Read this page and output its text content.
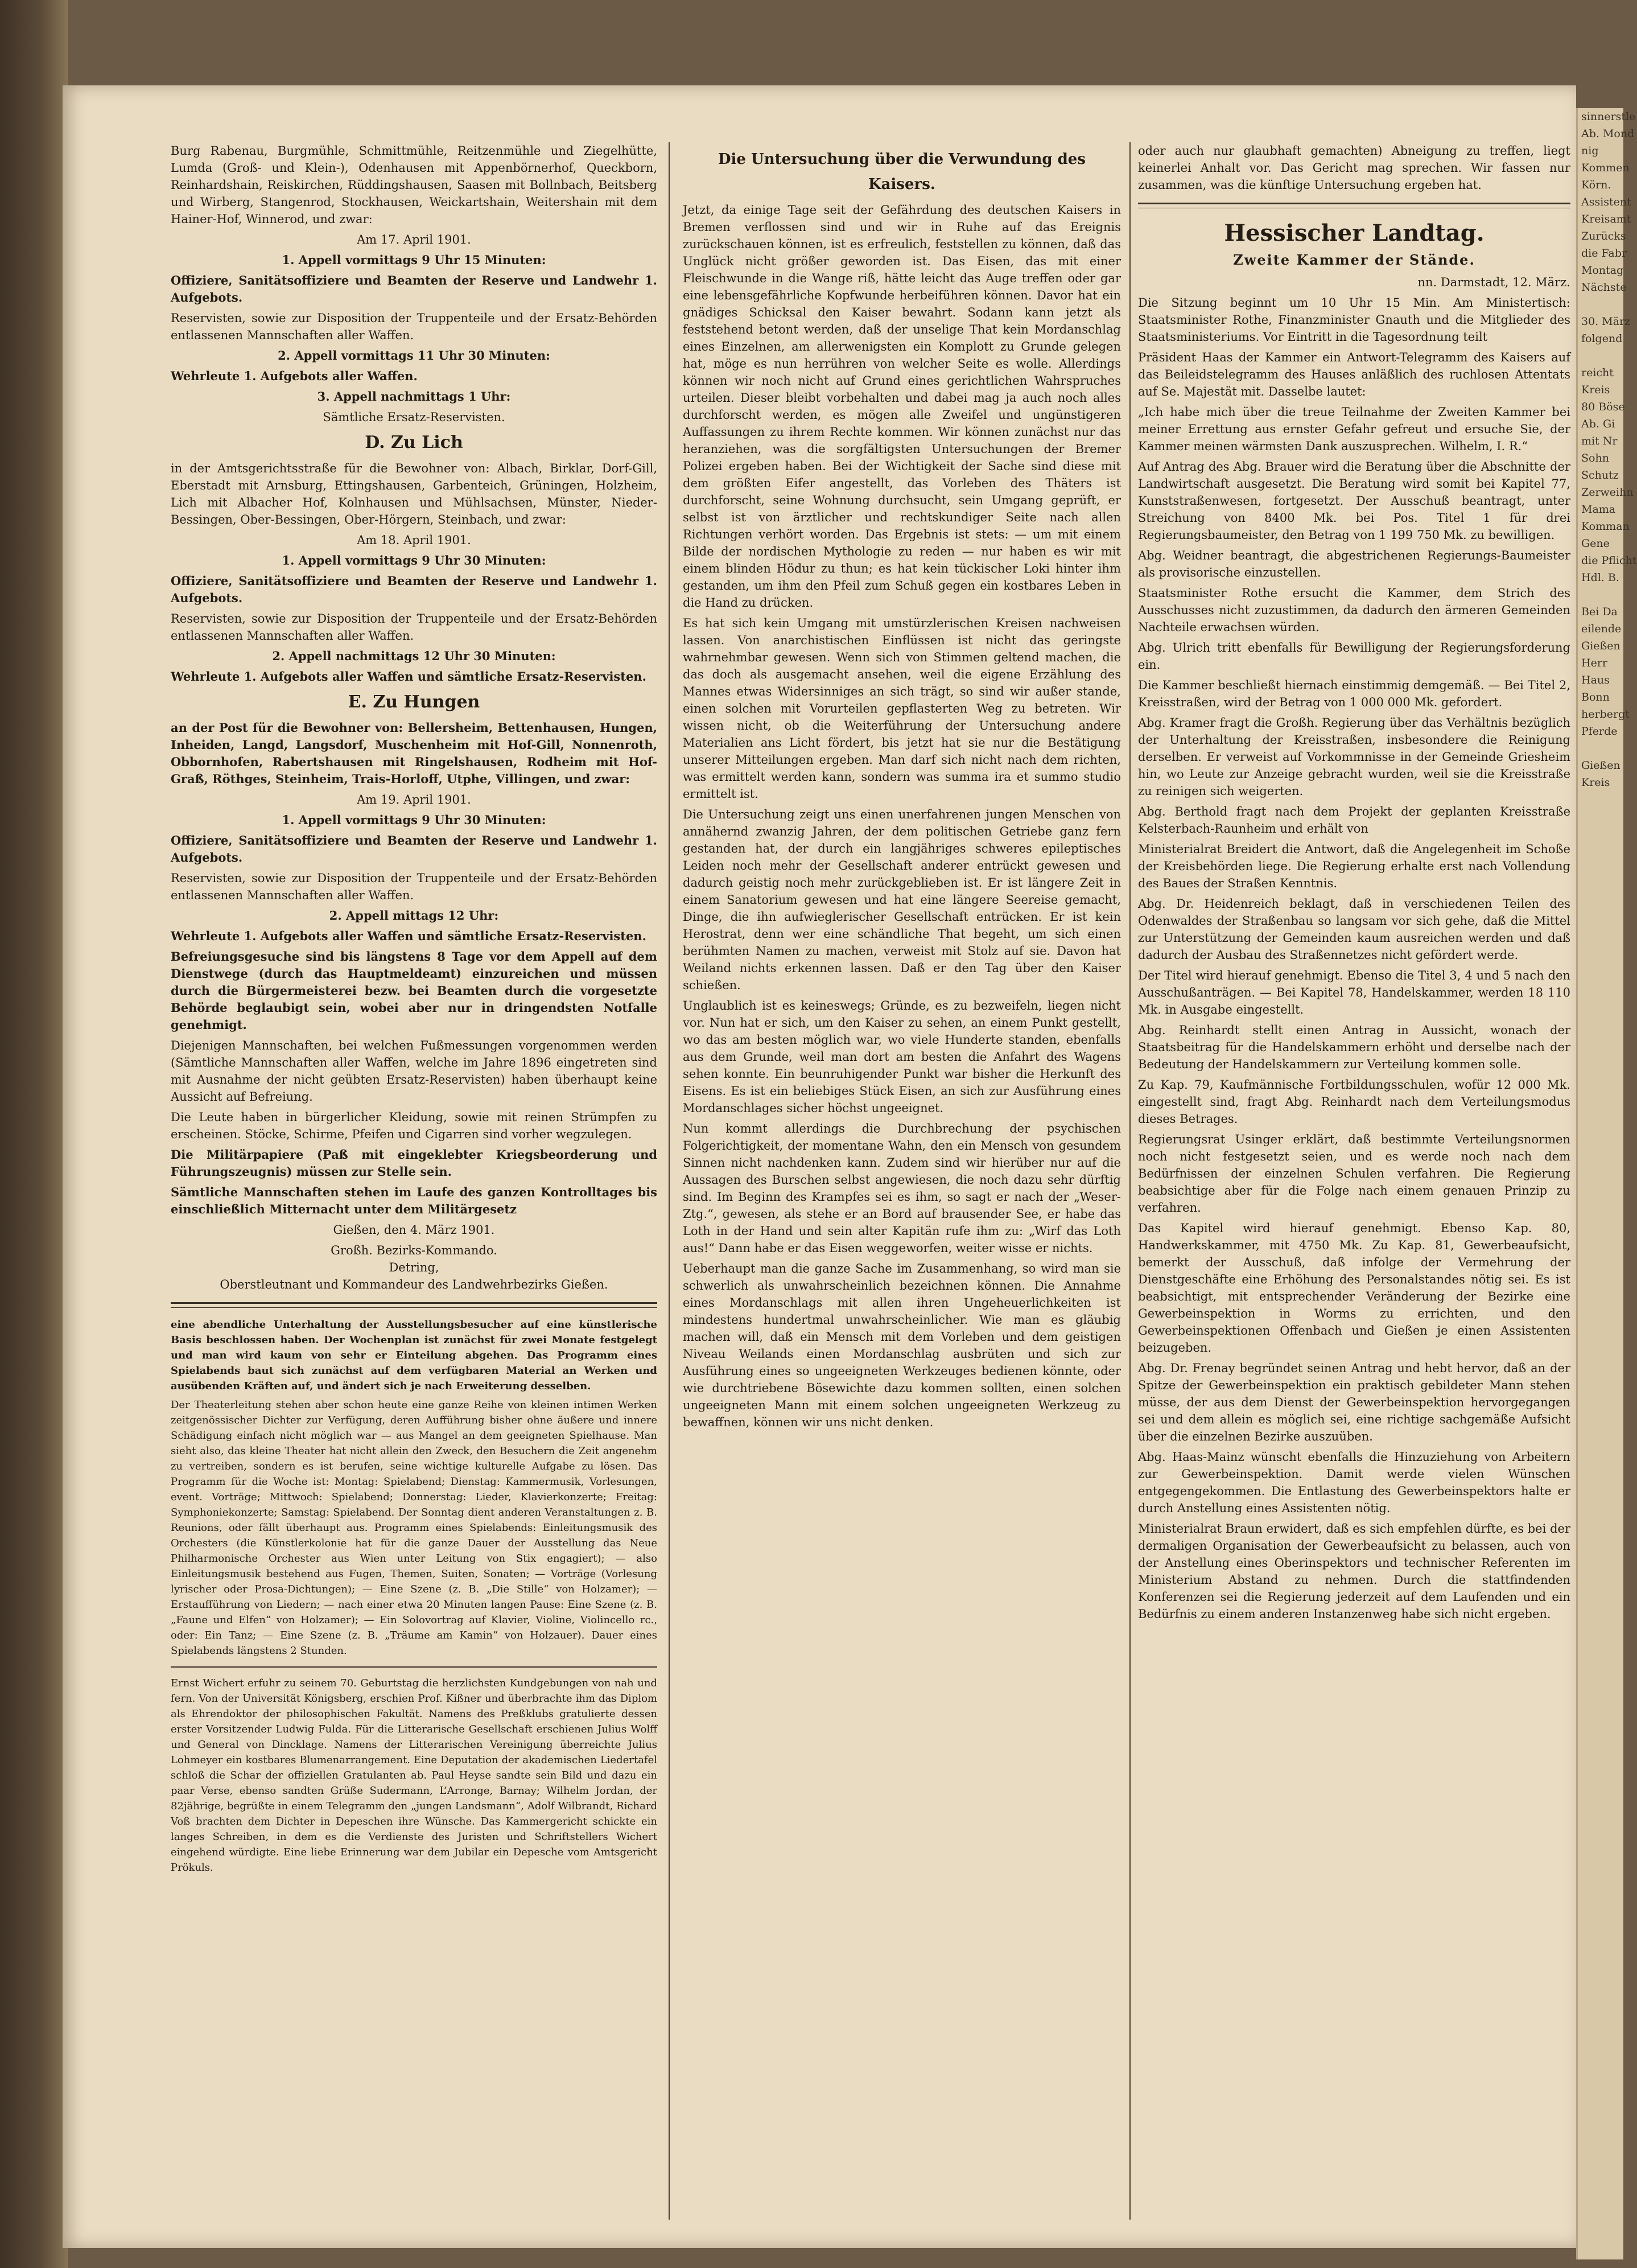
Burg Rabenau, Burgmühle, Schmittmühle, Reitzenmühle und Ziegelhütte, Lumda (Groß- und Klein-), Odenhausen mit Appenbörnerhof, Queckborn, Reinhardshain, Reiskirchen, Rüddingshausen, Saasen mit Bollnbach, Beitsberg und Wirberg, Stangenrod, Stockhausen, Weickartshain, Weitershain mit dem Hainer-Hof, Winnerod, und zwar:

Am 17. April 1901.

1. Appell vormittags 9 Uhr 15 Minuten:

Offiziere, Sanitätsoffiziere und Beamten der Reserve und Landwehr 1. Aufgebots.

Reservisten, sowie zur Disposition der Truppenteile und der Ersatz-Behörden entlassenen Mannschaften aller Waffen.

2. Appell vormittags 11 Uhr 30 Minuten:

Wehrleute 1. Aufgebots aller Waffen.

3. Appell nachmittags 1 Uhr:

Sämtliche Ersatz-Reservisten.

D. Zu Lich

in der Amtsgerichtsstraße für die Bewohner von: Albach, Birklar, Dorf-Gill, Eberstadt mit Arnsburg, Ettingshausen, Garbenteich, Grüningen, Holzheim, Lich mit Albacher Hof, Kolnhausen und Mühlsachsen, Münster, Nieder-Bessingen, Ober-Bessingen, Ober-Hörgern, Steinbach, und zwar:

Am 18. April 1901.

1. Appell vormittags 9 Uhr 30 Minuten:

Offiziere, Sanitätsoffiziere und Beamten der Reserve und Landwehr 1. Aufgebots.

Reservisten, sowie zur Disposition der Truppenteile und der Ersatz-Behörden entlassenen Mannschaften aller Waffen.

2. Appell nachmittags 12 Uhr 30 Minuten:

Wehrleute 1. Aufgebots aller Waffen und sämtliche Ersatz-Reservisten.

E. Zu Hungen

an der Post für die Bewohner von: Bellersheim, Bettenhausen, Hungen, Inheiden, Langd, Langsdorf, Muschenheim mit Hof-Gill, Nonnenroth, Obbornhofen, Rabertshausen mit Ringelshausen, Rodheim mit Hof-Graß, Röthges, Steinheim, Trais-Horloff, Utphe, Villingen, und zwar:

Am 19. April 1901.

1. Appell vormittags 9 Uhr 30 Minuten:

Offiziere, Sanitätsoffiziere und Beamten der Reserve und Landwehr 1. Aufgebots.

Reservisten, sowie zur Disposition der Truppenteile und der Ersatz-Behörden entlassenen Mannschaften aller Waffen.

2. Appell mittags 12 Uhr:

Wehrleute 1. Aufgebots aller Waffen und sämtliche Ersatz-Reservisten.

Befreiungsgesuche sind bis längstens 8 Tage vor dem Appell auf dem Dienstwege (durch das Hauptmeldeamt) einzureichen und müssen durch die Bürgermeisterei bezw. bei Beamten durch die vorgesetzte Behörde beglaubigt sein, wobei aber nur in dringendsten Notfalle genehmigt.

Diejenigen Mannschaften, bei welchen Fußmessungen vorgenommen werden (Sämtliche Mannschaften aller Waffen, welche im Jahre 1896 eingetreten sind mit Ausnahme der nicht geübten Ersatz-Reservisten) haben überhaupt keine Aussicht auf Befreiung.

Die Leute haben in bürgerlicher Kleidung, sowie mit reinen Strümpfen zu erscheinen. Stöcke, Schirme, Pfeifen und Cigarren sind vorher wegzulegen.

Die Militärpapiere (Paß mit eingeklebter Kriegsbeorderung und Führungszeugnis) müssen zur Stelle sein.

Sämtliche Mannschaften stehen im Laufe des ganzen Kontrolltages bis einschließlich Mitternacht unter dem Militärgesetz

Gießen, den 4. März 1901.

Großh. Bezirks-Kommando.
Detring,
Oberstleutnant und Kommandeur des Landwehrbezirks Gießen.

eine abendliche Unterhaltung der Ausstellungsbesucher auf eine künstlerische Basis beschlossen haben. Der Wochenplan ist zunächst für zwei Monate festgelegt und man wird kaum von sehr er Einteilung abgehen. Das Programm eines Spielabends baut sich zunächst auf dem verfügbaren Material an Werken und ausübenden Kräften auf, und ändert sich je nach Erweiterung desselben.

Der Theaterleitung stehen aber schon heute eine ganze Reihe von kleinen intimen Werken zeitgenössischer Dichter zur Verfügung, deren Aufführung bisher ohne äußere und innere Schädigung einfach nicht möglich war — aus Mangel an dem geeigneten Spielhause. Man sieht also, das kleine Theater hat nicht allein den Zweck, den Besuchern die Zeit angenehm zu vertreiben, sondern es ist berufen, seine wichtige kulturelle Aufgabe zu lösen. Das Programm für die Woche ist: Montag: Spielabend; Dienstag: Kammermusik, Vorlesungen, event. Vorträge; Mittwoch: Spielabend; Donnerstag: Lieder, Klavierkonzerte; Freitag: Symphoniekonzerte; Samstag: Spielabend. Der Sonntag dient anderen Veranstaltungen z. B. Reunions, oder fällt überhaupt aus. Programm eines Spielabends: Einleitungsmusik des Orchesters (die Künstlerkolonie hat für die ganze Dauer der Ausstellung das Neue Philharmonische Orchester aus Wien unter Leitung von Stix engagiert); — also Einleitungsmusik bestehend aus Fugen, Themen, Suiten, Sonaten; — Vorträge (Vorlesung lyrischer oder Prosa-Dichtungen); — Eine Szene (z. B. „Die Stille“ von Holzamer); — Erstaufführung von Liedern; — nach einer etwa 20 Minuten langen Pause: Eine Szene (z. B. „Faune und Elfen“ von Holzamer); — Ein Solovortrag auf Klavier, Violine, Violincello rc., oder: Ein Tanz; — Eine Szene (z. B. „Träume am Kamin“ von Holzauer). Dauer eines Spielabends längstens 2 Stunden.

Ernst Wichert erfuhr zu seinem 70. Geburtstag die herzlichsten Kundgebungen von nah und fern. Von der Universität Königsberg, erschien Prof. Kißner und überbrachte ihm das Diplom als Ehrendoktor der philosophischen Fakultät. Namens des Preßklubs gratulierte dessen erster Vorsitzender Ludwig Fulda. Für die Litterarische Gesellschaft erschienen Julius Wolff und General von Dincklage. Namens der Litterarischen Vereinigung überreichte Julius Lohmeyer ein kostbares Blumenarrangement. Eine Deputation der akademischen Liedertafel schloß die Schar der offiziellen Gratulanten ab. Paul Heyse sandte sein Bild und dazu ein paar Verse, ebenso sandten Grüße Sudermann, L’Arronge, Barnay; Wilhelm Jordan, der 82jährige, begrüßte in einem Telegramm den „jungen Landsmann“, Adolf Wilbrandt, Richard Voß brachten dem Dichter in Depeschen ihre Wünsche. Das Kammergericht schickte ein langes Schreiben, in dem es die Verdienste des Juristen und Schriftstellers Wichert eingehend würdigte. Eine liebe Erinnerung war dem Jubilar ein Depesche vom Amtsgericht Prökuls.

Die Untersuchung über die Verwundung des Kaisers.

Jetzt, da einige Tage seit der Gefährdung des deutschen Kaisers in Bremen verflossen sind und wir in Ruhe auf das Ereignis zurückschauen können, ist es erfreulich, feststellen zu können, daß das Unglück nicht größer geworden ist. Das Eisen, das mit einer Fleischwunde in die Wange riß, hätte leicht das Auge treffen oder gar eine lebensgefährliche Kopfwunde herbeiführen können. Davor hat ein gnädiges Schicksal den Kaiser bewahrt. Sodann kann jetzt als feststehend betont werden, daß der unselige That kein Mordanschlag eines Einzelnen, am allerwenigsten ein Komplott zu Grunde gelegen hat, möge es nun herrühren von welcher Seite es wolle. Allerdings können wir noch nicht auf Grund eines gerichtlichen Wahrspruches urteilen. Dieser bleibt vorbehalten und dabei mag ja auch noch alles durchforscht werden, es mögen alle Zweifel und ungünstigeren Auffassungen zu ihrem Rechte kommen. Wir können zunächst nur das heranziehen, was die sorgfältigsten Untersuchungen der Bremer Polizei ergeben haben. Bei der Wichtigkeit der Sache sind diese mit dem größten Eifer angestellt, das Vorleben des Thäters ist durchforscht, seine Wohnung durchsucht, sein Umgang geprüft, er selbst ist von ärztlicher und rechtskundiger Seite nach allen Richtungen verhört worden. Das Ergebnis ist stets: — um mit einem Bilde der nordischen Mythologie zu reden — nur haben es wir mit einem blinden Hödur zu thun; es hat kein tückischer Loki hinter ihm gestanden, um ihm den Pfeil zum Schuß gegen ein kostbares Leben in die Hand zu drücken.

Es hat sich kein Umgang mit umstürzlerischen Kreisen nachweisen lassen. Von anarchistischen Einflüssen ist nicht das geringste wahrnehmbar gewesen. Wenn sich von Stimmen geltend machen, die das doch als ausgemacht ansehen, weil die eigene Erzählung des Mannes etwas Widersinniges an sich trägt, so sind wir außer stande, einen solchen mit Vorurteilen gepflasterten Weg zu betreten. Wir wissen nicht, ob die Weiterführung der Untersuchung andere Materialien ans Licht fördert, bis jetzt hat sie nur die Bestätigung unserer Mitteilungen ergeben. Man darf sich nicht nach dem richten, was ermittelt werden kann, sondern was summa ira et summo studio ermittelt ist.

Die Untersuchung zeigt uns einen unerfahrenen jungen Menschen von annähernd zwanzig Jahren, der dem politischen Getriebe ganz fern gestanden hat, der durch ein langjähriges schweres epileptisches Leiden noch mehr der Gesellschaft anderer entrückt gewesen und dadurch geistig noch mehr zurückgeblieben ist. Er ist längere Zeit in einem Sanatorium gewesen und hat eine längere Seereise gemacht, Dinge, die ihn aufwieglerischer Gesellschaft entrücken. Er ist kein Herostrat, denn wer eine schändliche That begeht, um sich einen berühmten Namen zu machen, verweist mit Stolz auf sie. Davon hat Weiland nichts erkennen lassen. Daß er den Tag über den Kaiser schießen.

Unglaublich ist es keineswegs; Gründe, es zu bezweifeln, liegen nicht vor. Nun hat er sich, um den Kaiser zu sehen, an einem Punkt gestellt, wo das am besten möglich war, wo viele Hunderte standen, ebenfalls aus dem Grunde, weil man dort am besten die Anfahrt des Wagens sehen konnte. Ein beunruhigender Punkt war bisher die Herkunft des Eisens. Es ist ein beliebiges Stück Eisen, an sich zur Ausführung eines Mordanschlages sicher höchst ungeeignet.

Nun kommt allerdings die Durchbrechung der psychischen Folgerichtigkeit, der momentane Wahn, den ein Mensch von gesundem Sinnen nicht nachdenken kann. Zudem sind wir hierüber nur auf die Aussagen des Burschen selbst angewiesen, die noch dazu sehr dürftig sind. Im Beginn des Krampfes sei es ihm, so sagt er nach der „Weser-Ztg.“, gewesen, als stehe er an Bord auf brausender See, er habe das Loth in der Hand und sein alter Kapitän rufe ihm zu: „Wirf das Loth aus!“ Dann habe er das Eisen weggeworfen, weiter wisse er nichts.

Ueberhaupt man die ganze Sache im Zusammenhang, so wird man sie schwerlich als unwahrscheinlich bezeichnen können. Die Annahme eines Mordanschlags mit allen ihren Ungeheuerlichkeiten ist mindestens hundertmal unwahrscheinlicher. Wie man es gläubig machen will, daß ein Mensch mit dem Vorleben und dem geistigen Niveau Weilands einen Mordanschlag ausbrüten und sich zur Ausführung eines so ungeeigneten Werkzeuges bedienen könnte, oder wie durchtriebene Bösewichte dazu kommen sollten, einen solchen ungeeigneten Mann mit einem solchen ungeeigneten Werkzeug zu bewaffnen, können wir uns nicht denken.

oder auch nur glaubhaft gemachten) Abneigung zu treffen, liegt keinerlei Anhalt vor. Das Gericht mag sprechen. Wir fassen nur zusammen, was die künftige Untersuchung ergeben hat.

Hessischer Landtag.
Zweite Kammer der Stände.

nn. Darmstadt, 12. März.

Die Sitzung beginnt um 10 Uhr 15 Min. Am Ministertisch: Staatsminister Rothe, Finanzminister Gnauth und die Mitglieder des Staatsministeriums. Vor Eintritt in die Tagesordnung teilt

Präsident Haas der Kammer ein Antwort-Telegramm des Kaisers auf das Beileidstelegramm des Hauses anläßlich des ruchlosen Attentats auf Se. Majestät mit. Dasselbe lautet:

„Ich habe mich über die treue Teilnahme der Zweiten Kammer bei meiner Errettung aus ernster Gefahr gefreut und ersuche Sie, der Kammer meinen wärmsten Dank auszusprechen. Wilhelm, I. R.“

Auf Antrag des Abg. Brauer wird die Beratung über die Abschnitte der Landwirtschaft ausgesetzt. Die Beratung wird somit bei Kapitel 77, Kunststraßenwesen, fortgesetzt. Der Ausschuß beantragt, unter Streichung von 8400 Mk. bei Pos. Titel 1 für drei Regierungsbaumeister, den Betrag von 1 199 750 Mk. zu bewilligen.

Abg. Weidner beantragt, die abgestrichenen Regierungs-Baumeister als provisorische einzustellen.

Staatsminister Rothe ersucht die Kammer, dem Strich des Ausschusses nicht zuzustimmen, da dadurch den ärmeren Gemeinden Nachteile erwachsen würden.

Abg. Ulrich tritt ebenfalls für Bewilligung der Regierungsforderung ein.

Die Kammer beschließt hiernach einstimmig demgemäß. — Bei Titel 2, Kreisstraßen, wird der Betrag von 1 000 000 Mk. gefordert.

Abg. Kramer fragt die Großh. Regierung über das Verhältnis bezüglich der Unterhaltung der Kreisstraßen, insbesondere die Reinigung derselben. Er verweist auf Vorkommnisse in der Gemeinde Griesheim hin, wo Leute zur Anzeige gebracht wurden, weil sie die Kreisstraße zu reinigen sich weigerten.

Abg. Berthold fragt nach dem Projekt der geplanten Kreisstraße Kelsterbach-Raunheim und erhält von

Ministerialrat Breidert die Antwort, daß die Angelegenheit im Schoße der Kreisbehörden liege. Die Regierung erhalte erst nach Vollendung des Baues der Straßen Kenntnis.

Abg. Dr. Heidenreich beklagt, daß in verschiedenen Teilen des Odenwaldes der Straßenbau so langsam vor sich gehe, daß die Mittel zur Unterstützung der Gemeinden kaum ausreichen werden und daß dadurch der Ausbau des Straßennetzes nicht gefördert werde.

Der Titel wird hierauf genehmigt. Ebenso die Titel 3, 4 und 5 nach den Ausschußanträgen. — Bei Kapitel 78, Handelskammer, werden 18 110 Mk. in Ausgabe eingestellt.

Abg. Reinhardt stellt einen Antrag in Aussicht, wonach der Staatsbeitrag für die Handelskammern erhöht und derselbe nach der Bedeutung der Handelskammern zur Verteilung kommen solle.

Zu Kap. 79, Kaufmännische Fortbildungsschulen, wofür 12 000 Mk. eingestellt sind, fragt Abg. Reinhardt nach dem Verteilungsmodus dieses Betrages.

Regierungsrat Usinger erklärt, daß bestimmte Verteilungsnormen noch nicht festgesetzt seien, und es werde noch nach dem Bedürfnissen der einzelnen Schulen verfahren. Die Regierung beabsichtige aber für die Folge nach einem genauen Prinzip zu verfahren.

Das Kapitel wird hierauf genehmigt. Ebenso Kap. 80, Handwerkskammer, mit 4750 Mk. Zu Kap. 81, Gewerbeaufsicht, bemerkt der Ausschuß, daß infolge der Vermehrung der Dienstgeschäfte eine Erhöhung des Personalstandes nötig sei. Es ist beabsichtigt, mit entsprechender Veränderung der Bezirke eine Gewerbeinspektion in Worms zu errichten, und den Gewerbeinspektionen Offenbach und Gießen je einen Assistenten beizugeben.

Abg. Dr. Frenay begründet seinen Antrag und hebt hervor, daß an der Spitze der Gewerbeinspektion ein praktisch gebildeter Mann stehen müsse, der aus dem Dienst der Gewerbeinspektion hervorgegangen sei und dem allein es möglich sei, eine richtige sachgemäße Aufsicht über die einzelnen Bezirke auszuüben.

Abg. Haas-Mainz wünscht ebenfalls die Hinzuziehung von Arbeitern zur Gewerbeinspektion. Damit werde vielen Wünschen entgegengekommen. Die Entlastung des Gewerbeinspektors halte er durch Anstellung eines Assistenten nötig.

Ministerialrat Braun erwidert, daß es sich empfehlen dürfte, es bei der dermaligen Organisation der Gewerbeaufsicht zu belassen, auch von der Anstellung eines Oberinspektors und technischer Referenten im Ministerium Abstand zu nehmen. Durch die stattfindenden Konferenzen sei die Regierung jederzeit auf dem Laufenden und ein Bedürfnis zu einem anderen Instanzenweg habe sich nicht ergeben.

sinnerstle
Ab. Mond
nig
Kommen
Körn.
Assistent
Kreisamt
Zurücks
die Fabr
Montag
Nächste

30. März
folgend

reicht
Kreis
80 Böse
Ab. Gi
mit Nr
Sohn
Schutz
Zerweihn
Mama
Komman
Gene
die Pflicht
Hdl. B.

Bei Da
eilende
Gießen
Herr
Haus
Bonn
herbergt
Pferde

Gießen
Kreis
